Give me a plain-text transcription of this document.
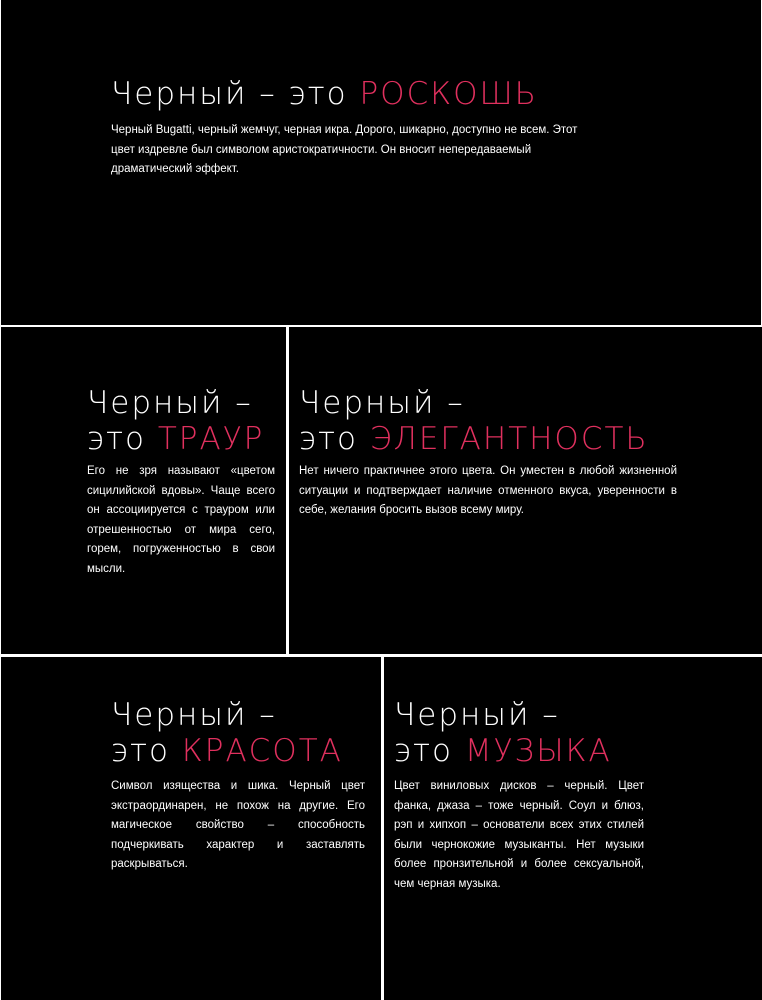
Черный – это РОСКОШЬ

Черный Bugatti, черный жемчуг, черная икра. Дорого, шикарно, доступно не всем. Этот цвет издревле был символом аристократичности. Он вносит непередаваемый драматический эффект.

Черный –
это ТРАУР

Его не зря называют «цветом сицилийской вдовы». Чаще всего он ассоциируется с трауром или отрешенностью от мира сего, горем, погруженностью в свои мысли.

Черный –
это ЭЛЕГАНТНОСТЬ

Нет ничего практичнее этого цвета. Он уместен в любой жизненной ситуации и подтверждает наличие отменного вкуса, уверенности в себе, желания бросить вызов всему миру.

Черный –
это КРАСОТА

Символ изящества и шика. Черный цвет экстраординарен, не похож на другие. Его магическое свойство – способность подчеркивать характер и заставлять раскрываться.

Черный –
это МУЗЫКА

Цвет виниловых дисков – черный. Цвет фанка, джаза – тоже черный. Соул и блюз, рэп и хипхоп – основатели всех этих стилей были чернокожие музыканты. Нет музыки более пронзительной и более сексуальной, чем черная музыка.
